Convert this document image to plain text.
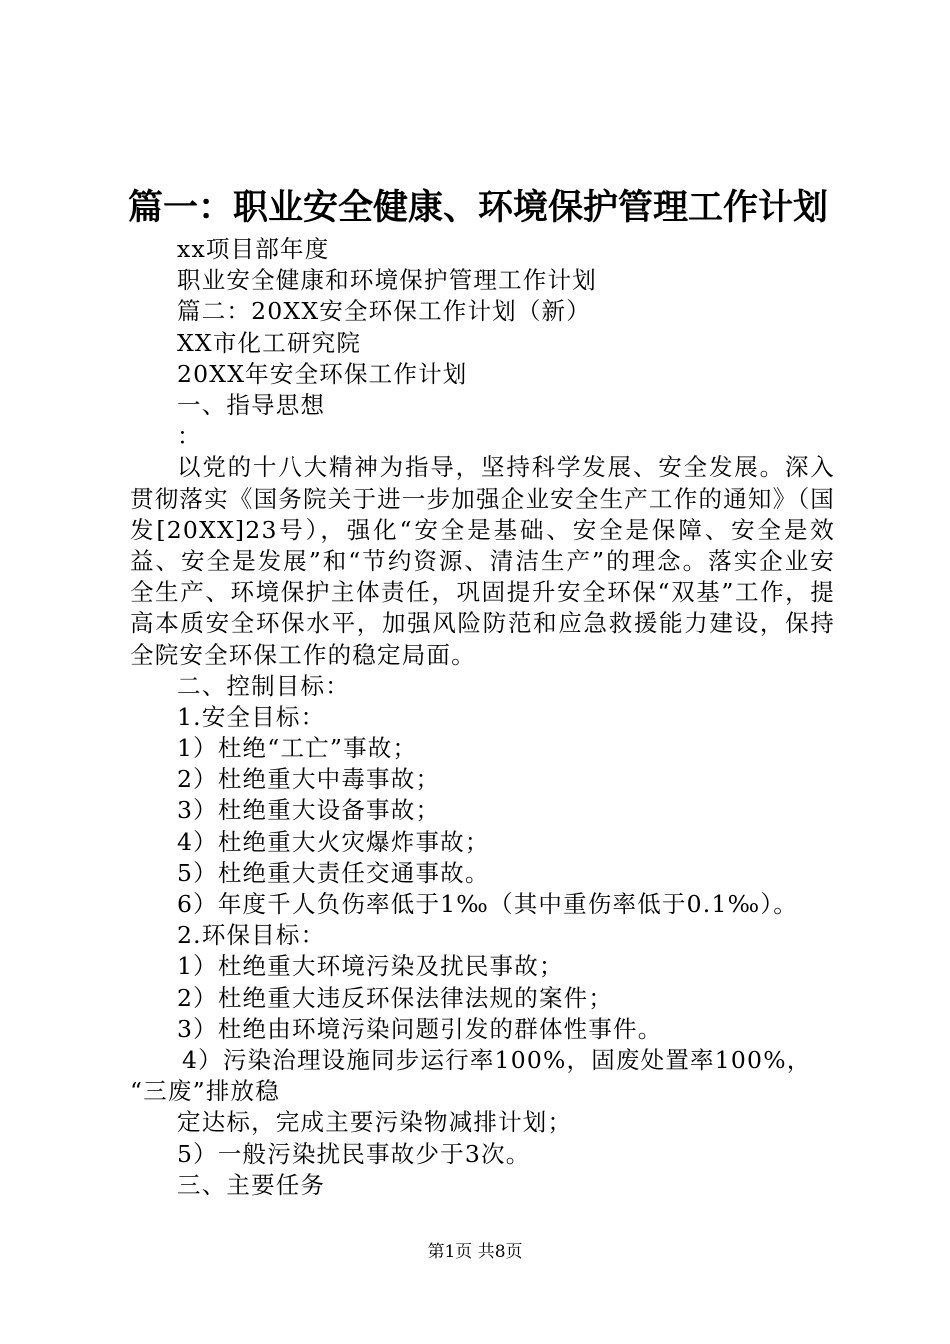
篇一：职业安全健康、环境保护管理工作计划
xx项目部年度
职业安全健康和环境保护管理工作计划
篇二：20XX安全环保工作计划（新）
XX市化工研究院
20XX年安全环保工作计划
一、指导思想
：
以党的十八大精神为指导，坚持科学发展、安全发展。深入贯彻落实《国务院关于进一步加强企业安全生产工作的通知》（国发[20XX]23号），强化“安全是基础、安全是保障、安全是效益、安全是发展”和“节约资源、清洁生产”的理念。落实企业安全生产、环境保护主体责任，巩固提升安全环保“双基”工作，提高本质安全环保水平，加强风险防范和应急救援能力建设，保持全院安全环保工作的稳定局面。
二、控制目标：
1.安全目标：
1）杜绝“工亡”事故；
2）杜绝重大中毒事故；
3）杜绝重大设备事故；
4）杜绝重大火灾爆炸事故；
5）杜绝重大责任交通事故。
6）年度千人负伤率低于1‰（其中重伤率低于0.1‰）。
2.环保目标：
1）杜绝重大环境污染及扰民事故；
2）杜绝重大违反环保法律法规的案件；
3）杜绝由环境污染问题引发的群体性事件。
4）污染治理设施同步运行率100%，固废处置率100%，
“三废”排放稳
定达标，完成主要污染物减排计划；
5）一般污染扰民事故少于3次。
三、主要任务
第1页 共8页
